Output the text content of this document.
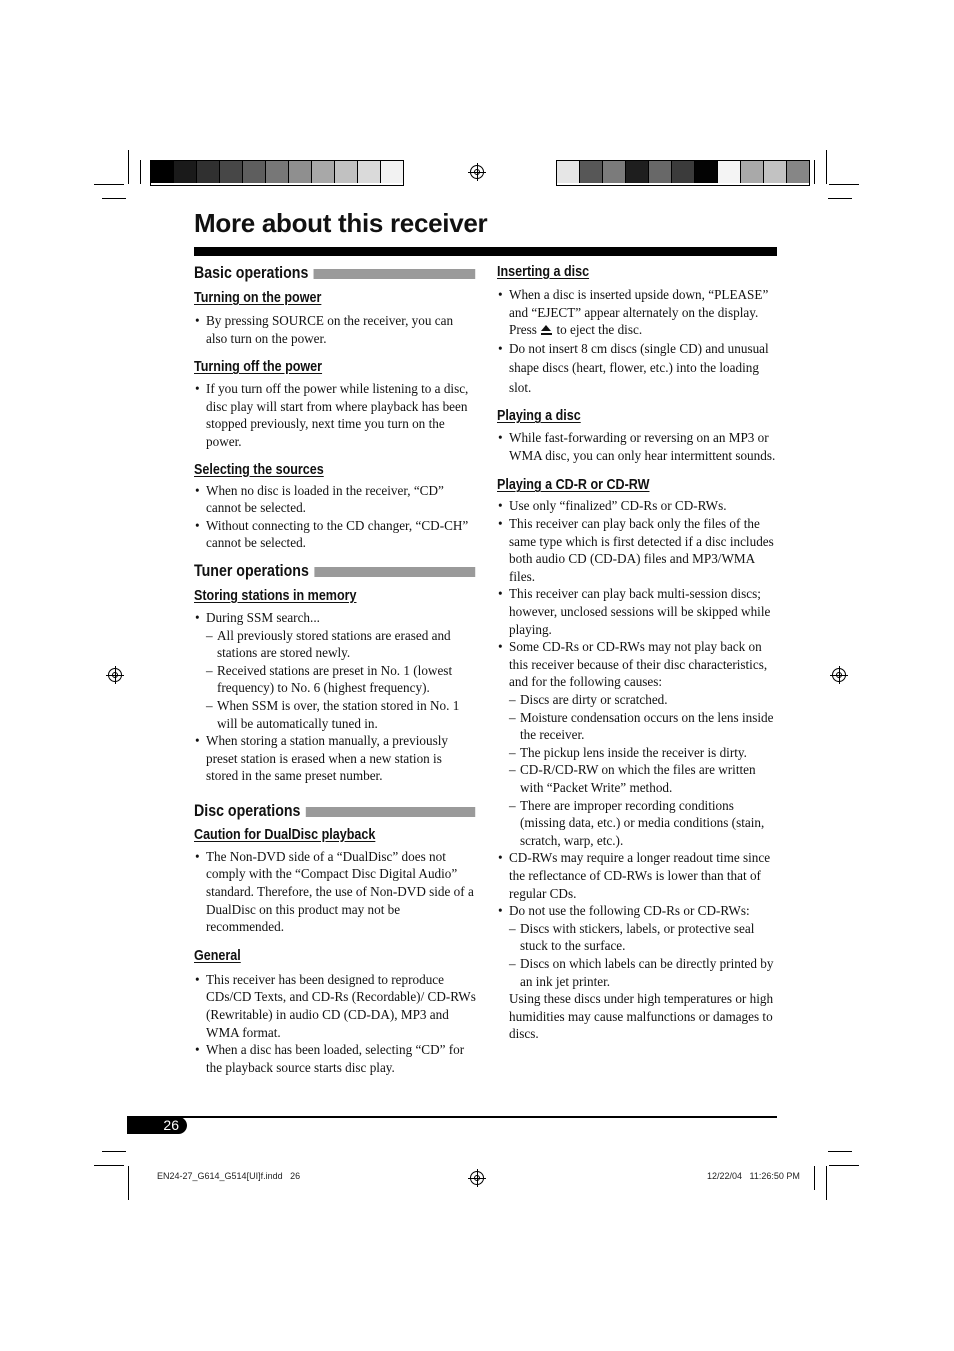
More about this receiver
Basic operations
Turning on the power
• By pressing SOURCE on the receiver, you can also turn on the power.
Turning off the power
• If you turn off the power while listening to a disc, disc play will start from where playback has been stopped previously, next time you turn on the power.
Selecting the sources
• When no disc is loaded in the receiver, “CD” cannot be selected.
• Without connecting to the CD changer, “CD-CH” cannot be selected.
Tuner operations
Storing stations in memory
• During SSM search...
– All previously stored stations are erased and stations are stored newly.
– Received stations are preset in No. 1 (lowest frequency) to No. 6 (highest frequency).
– When SSM is over, the station stored in No. 1 will be automatically tuned in.
• When storing a station manually, a previously preset station is erased when a new station is stored in the same preset number.
Disc operations
Caution for DualDisc playback
• The Non-DVD side of a “DualDisc” does not comply with the “Compact Disc Digital Audio” standard. Therefore, the use of Non-DVD side of a DualDisc on this product may not be recommended.
General
• This receiver has been designed to reproduce CDs/CD Texts, and CD-Rs (Recordable)/ CD-RWs (Rewritable) in audio CD (CD-DA), MP3 and WMA format.
• When a disc has been loaded, selecting “CD” for the playback source starts disc play.
Inserting a disc
• When a disc is inserted upside down, “PLEASE” and “EJECT” appear alternately on the display. Press to eject the disc.
• Do not insert 8 cm discs (single CD) and unusual shape discs (heart, flower, etc.) into the loading slot.
Playing a disc
• While fast-forwarding or reversing on an MP3 or WMA disc, you can only hear intermittent sounds.
Playing a CD-R or CD-RW
• Use only “finalized” CD-Rs or CD-RWs.
• This receiver can play back only the files of the same type which is first detected if a disc includes both audio CD (CD-DA) files and MP3/WMA files.
• This receiver can play back multi-session discs; however, unclosed sessions will be skipped while playing.
• Some CD-Rs or CD-RWs may not play back on this receiver because of their disc characteristics, and for the following causes:
– Discs are dirty or scratched.
– Moisture condensation occurs on the lens inside the receiver.
– The pickup lens inside the receiver is dirty.
– CD-R/CD-RW on which the files are written with “Packet Write” method.
– There are improper recording conditions (missing data, etc.) or media conditions (stain, scratch, warp, etc.).
• CD-RWs may require a longer readout time since the reflectance of CD-RWs is lower than that of regular CDs.
• Do not use the following CD-Rs or CD-RWs:
– Discs with stickers, labels, or protective seal stuck to the surface.
– Discs on which labels can be directly printed by an ink jet printer.
Using these discs under high temperatures or high humidities may cause malfunctions or damages to discs.
26
EN24-27_G614_G514[UI]f.indd   26	12/22/04   11:26:50 PM
